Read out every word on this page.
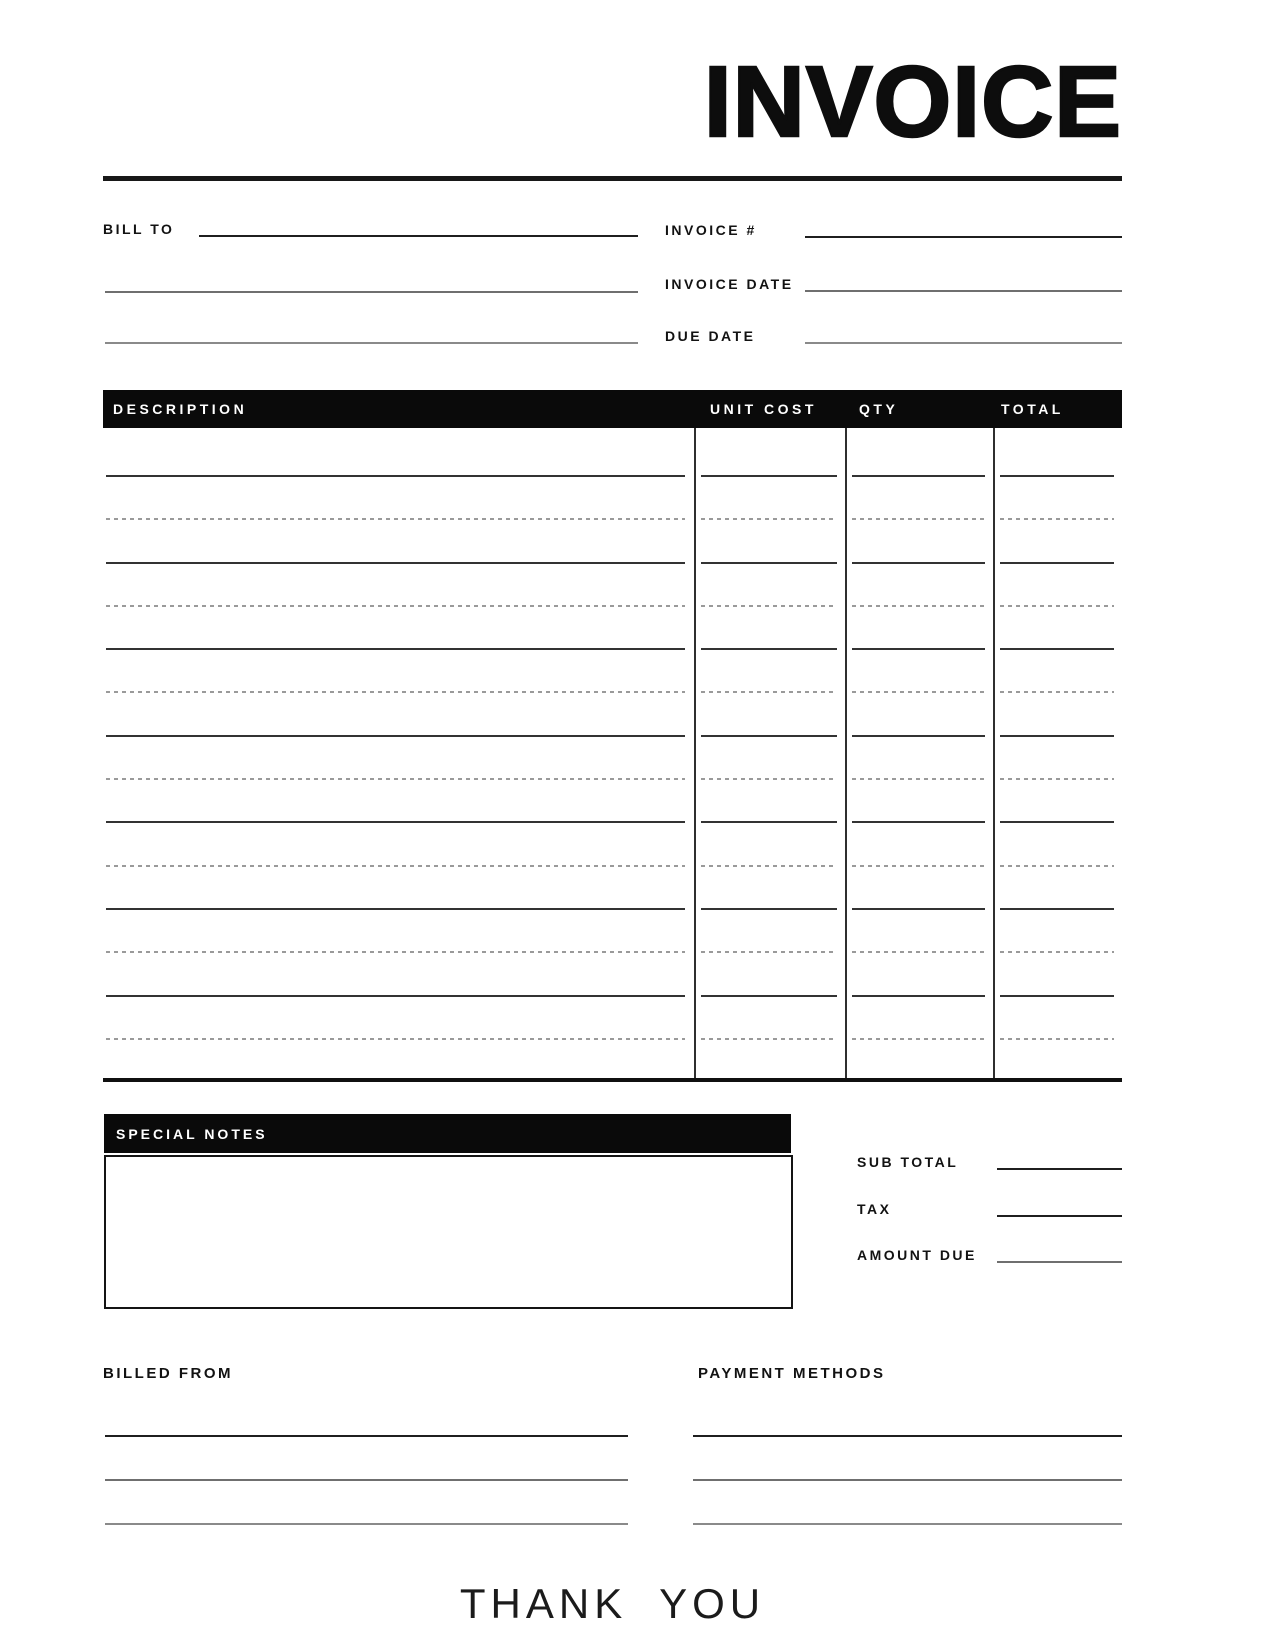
INVOICE
BILL TO	INVOICE #
INVOICE DATE
DUE DATE
DESCRIPTION	UNIT COST	QTY	TOTAL
SPECIAL NOTES
SUB TOTAL
TAX
AMOUNT DUE
BILLED FROM	PAYMENT METHODS
THANK YOU
